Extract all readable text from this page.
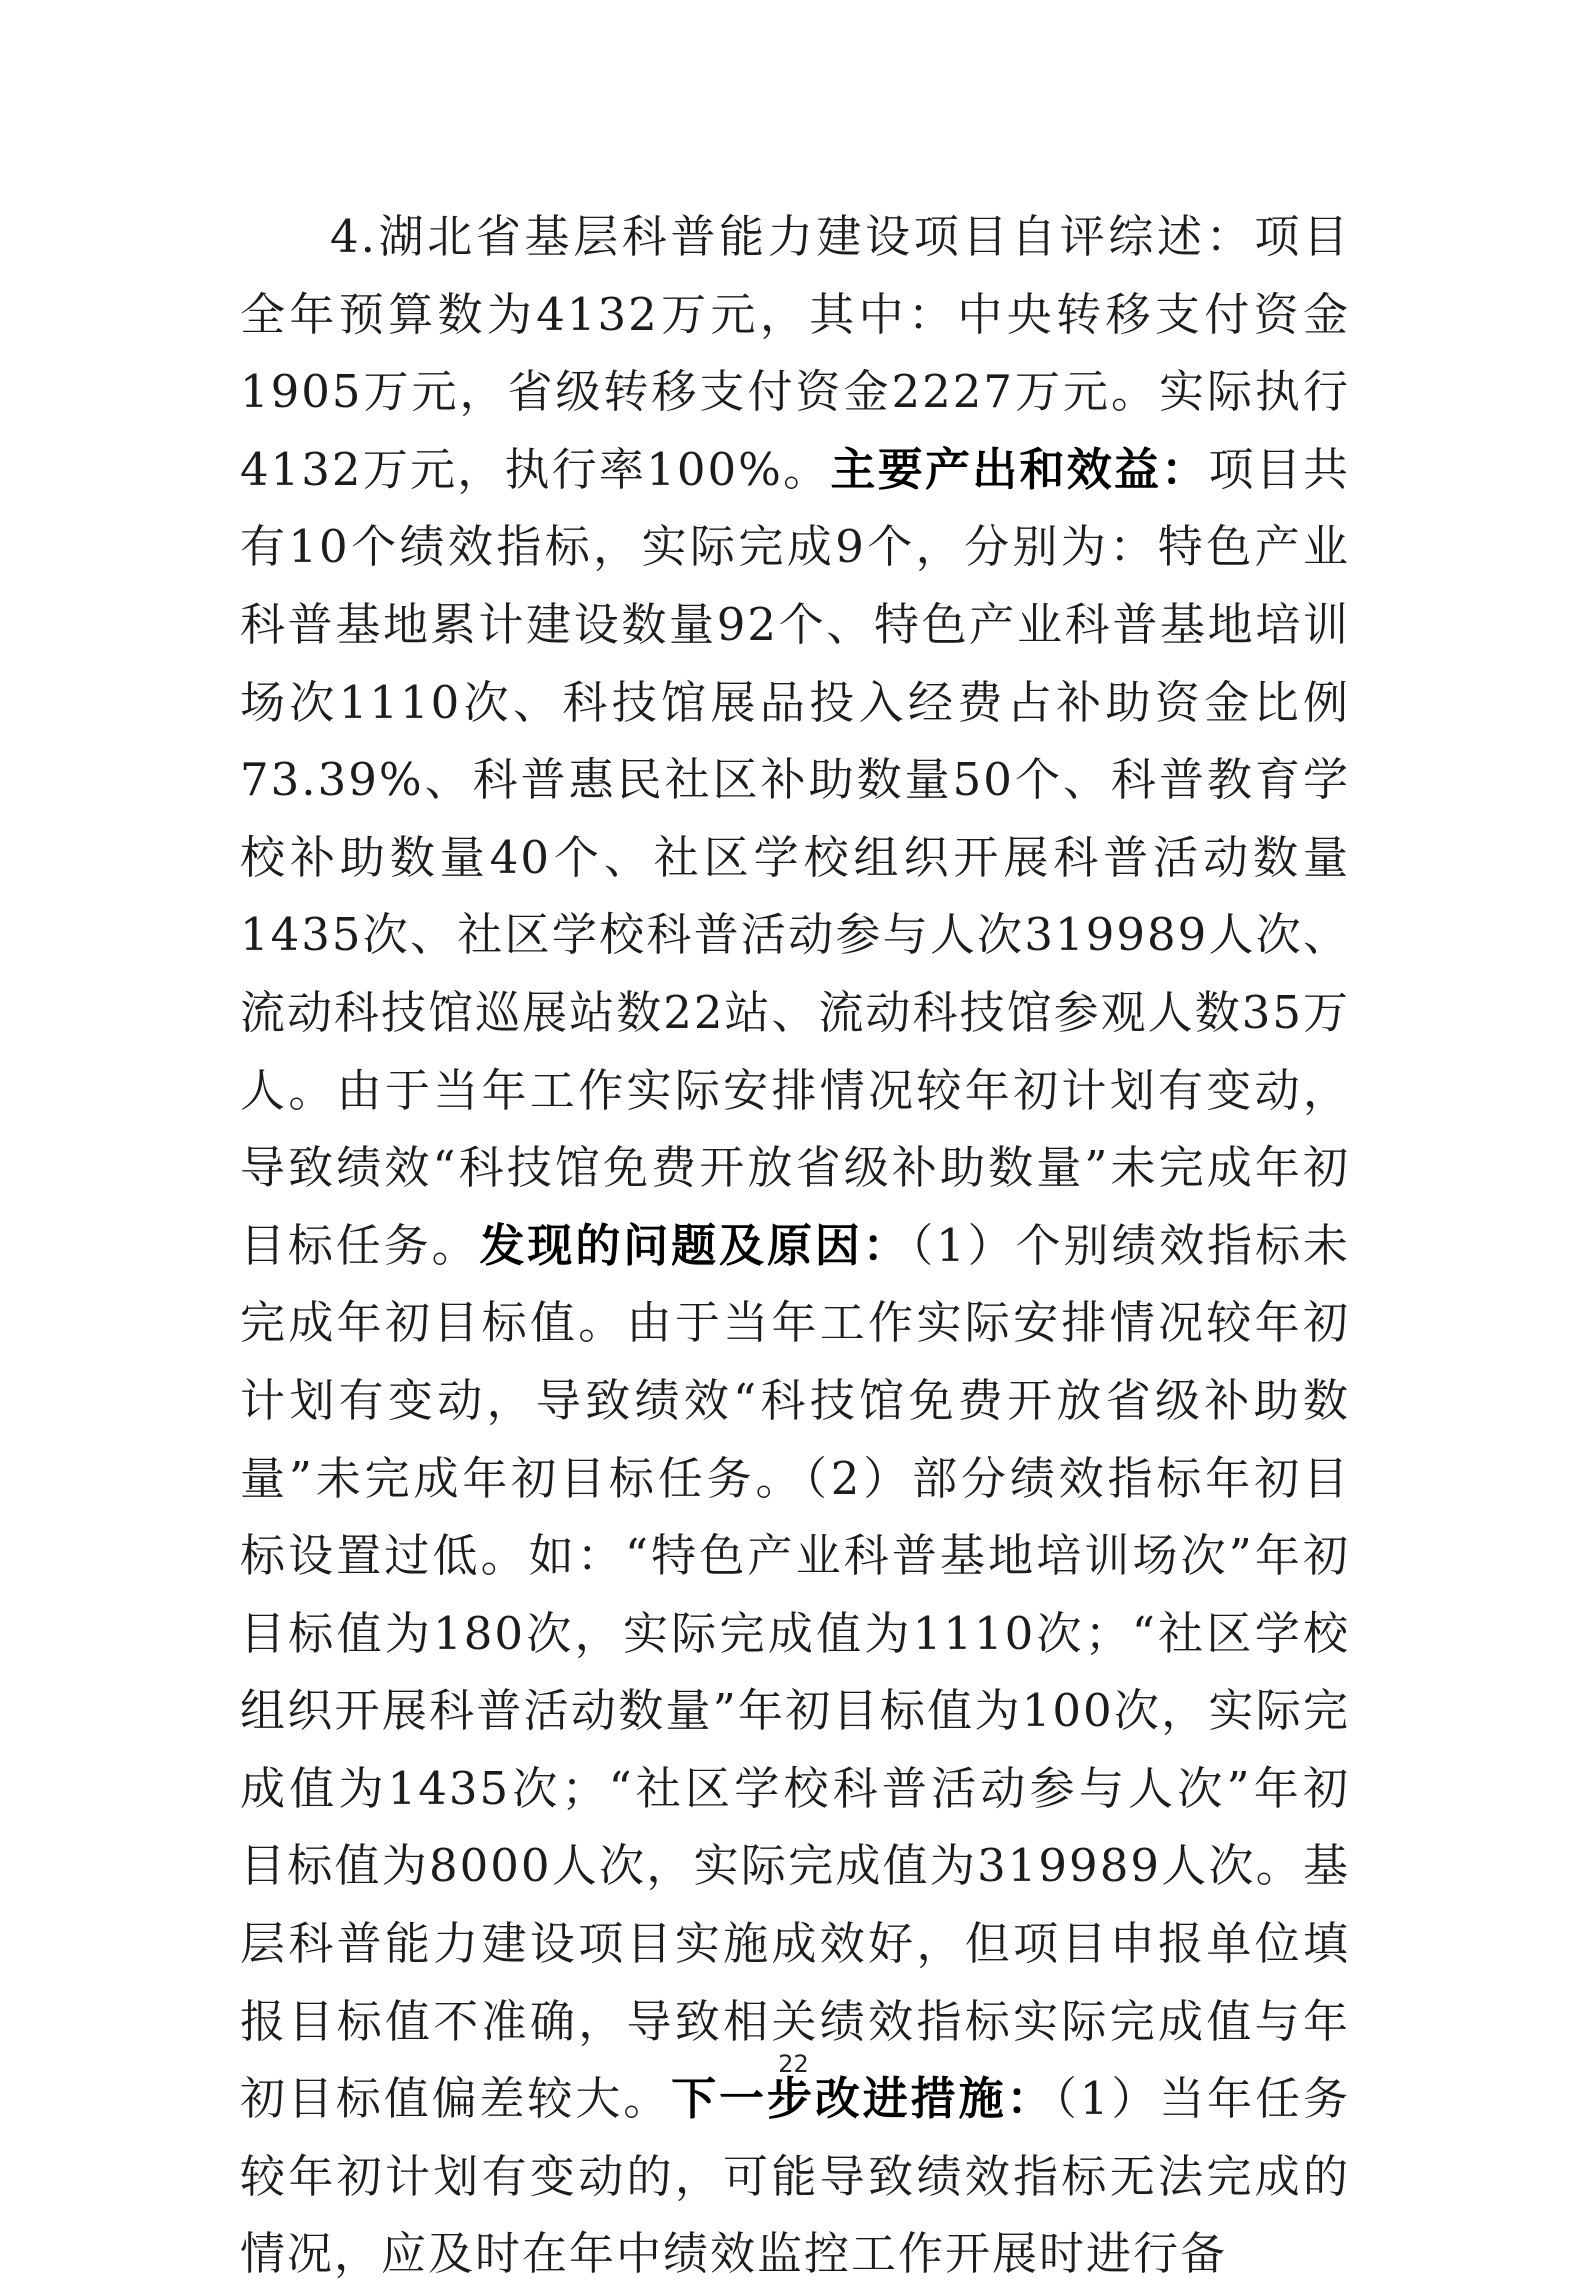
4.湖北省基层科普能力建设项目自评综述：项目全年预算数为4132万元，其中：中央转移支付资金1905万元，省级转移支付资金2227万元。实际执行4132万元，执行率100%。主要产出和效益：项目共有10个绩效指标，实际完成9个，分别为：特色产业科普基地累计建设数量92个、特色产业科普基地培训场次1110次、科技馆展品投入经费占补助资金比例73.39%、科普惠民社区补助数量50个、科普教育学校补助数量40个、社区学校组织开展科普活动数量1435次、社区学校科普活动参与人次319989人次、流动科技馆巡展站数22站、流动科技馆参观人数35万人。由于当年工作实际安排情况较年初计划有变动，导致绩效“科技馆免费开放省级补助数量”未完成年初目标任务。发现的问题及原因：（1）个别绩效指标未完成年初目标值。由于当年工作实际安排情况较年初计划有变动，导致绩效“科技馆免费开放省级补助数量”未完成年初目标任务。（2）部分绩效指标年初目标设置过低。如：“特色产业科普基地培训场次”年初目标值为180次，实际完成值为1110次；“社区学校组织开展科普活动数量”年初目标值为100次，实际完成值为1435次；“社区学校科普活动参与人次”年初目标值为8000人次，实际完成值为319989人次。基层科普能力建设项目实施成效好，但项目申报单位填报目标值不准确，导致相关绩效指标实际完成值与年初目标值偏差较大。下一步改进措施：（1）当年任务较年初计划有变动的，可能导致绩效指标无法完成的情况，应及时在年中绩效监控工作开展时进行备

22
